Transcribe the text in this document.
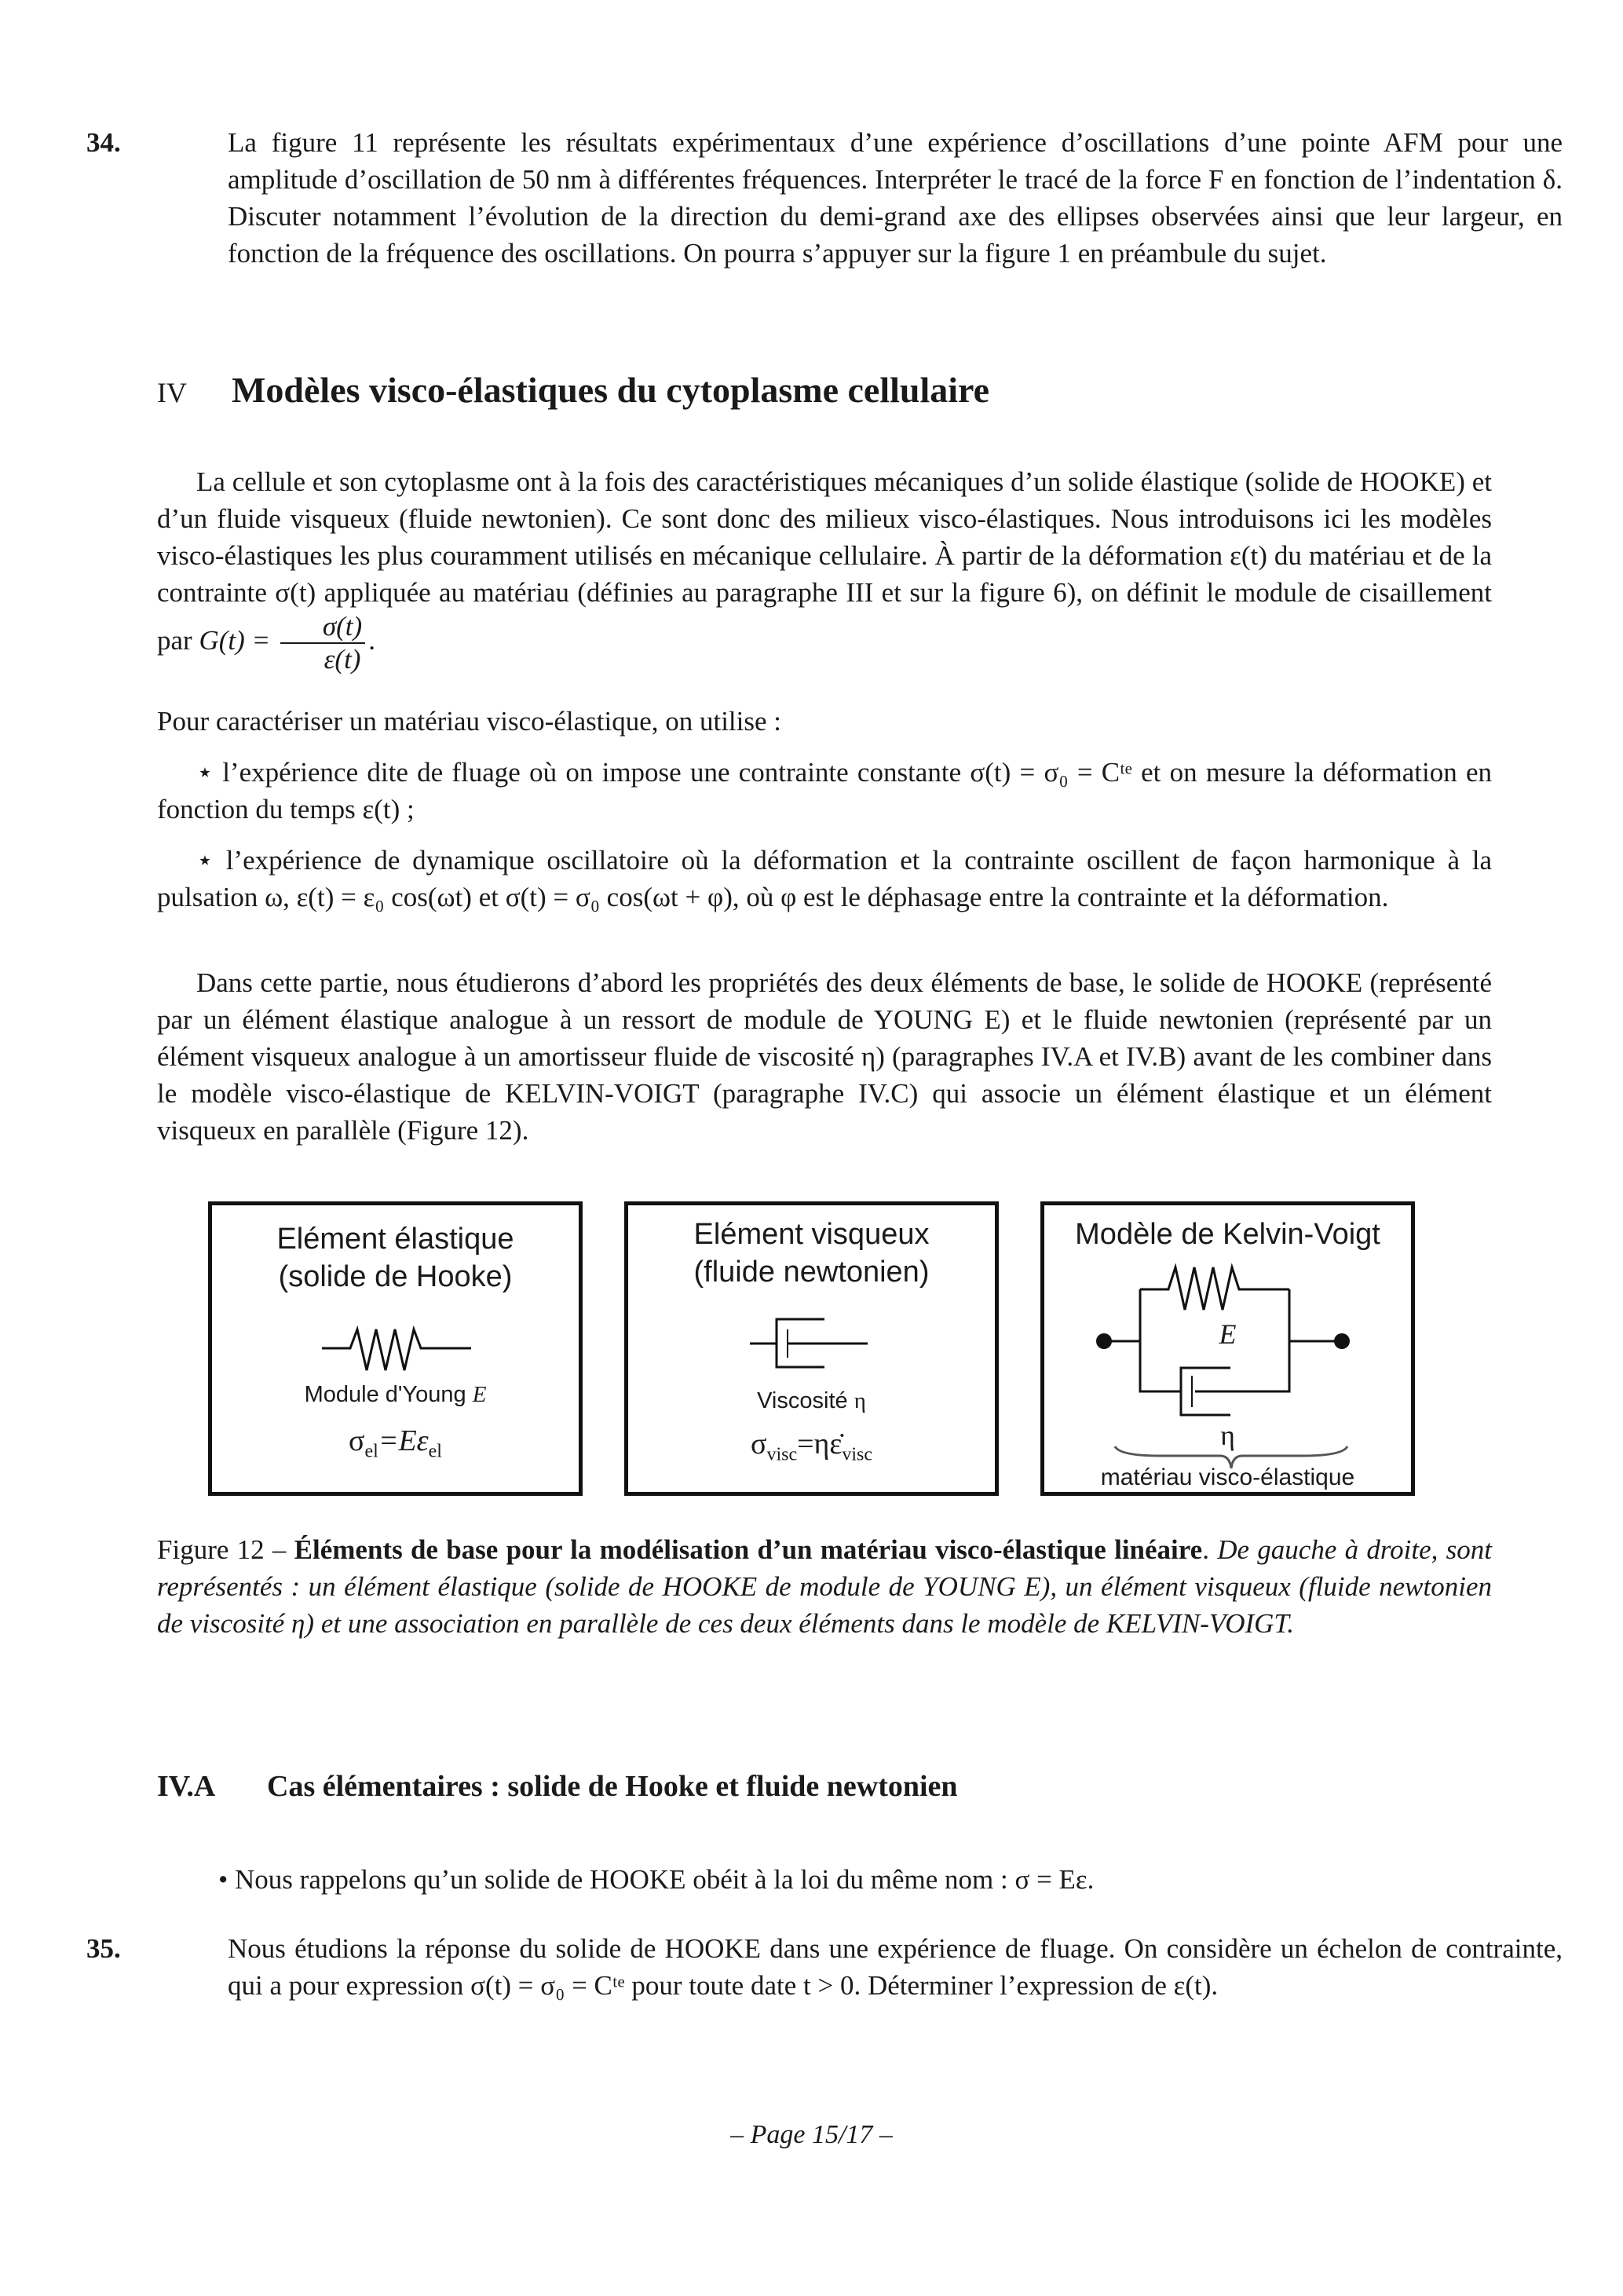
34.	La figure 11 représente les résultats expérimentaux d’une expérience d’oscillations d’une pointe AFM pour une amplitude d’oscillation de 50 nm à différentes fréquences. Interpréter le tracé de la force F en fonction de l’indentation δ. Discuter notamment l’évolution de la direction du demi-grand axe des ellipses observées ainsi que leur largeur, en fonction de la fréquence des oscillations. On pourra s’appuyer sur la figure 1 en préambule du sujet.
IV Modèles visco-élastiques du cytoplasme cellulaire
La cellule et son cytoplasme ont à la fois des caractéristiques mécaniques d’un solide élastique (solide de HOOKE) et d’un fluide visqueux (fluide newtonien). Ce sont donc des milieux visco-élastiques. Nous introduisons ici les modèles visco-élastiques les plus couramment utilisés en mécanique cellulaire. À partir de la déformation ε(t) du matériau et de la contrainte σ(t) appliquée au matériau (définies au paragraphe III et sur la figure 6), on définit le module de cisaillement par $G(t) = \frac{\sigma(t)}{\varepsilon(t)}$ .
Pour caractériser un matériau visco-élastique, on utilise :
⋆ l’expérience dite de fluage où on impose une contrainte constante σ(t) = σ₀ = Cᵗᵉ et on mesure la déformation en fonction du temps ε(t) ;
⋆ l’expérience de dynamique oscillatoire où la déformation et la contrainte oscillent de façon harmonique à la pulsation ω, ε(t) = ε₀ cos(ωt) et σ(t) = σ₀ cos(ωt + φ), où φ est le déphasage entre la contrainte et la déformation.
Dans cette partie, nous étudierons d’abord les propriétés des deux éléments de base, le solide de HOOKE (représenté par un élément élastique analogue à un ressort de module de YOUNG E) et le fluide newtonien (représenté par un élément visqueux analogue à un amortisseur fluide de viscosité η) (paragraphes IV.A et IV.B) avant de les combiner dans le modèle visco-élastique de KELVIN-VOIGT (paragraphe IV.C) qui associe un élément élastique et un élément visqueux en parallèle (Figure 12).
Elément élastique
(solide de Hooke)
Module d'Young E
$\sigma_{el}=E\varepsilon_{el}$
Elément visqueux
(fluide newtonien)
Viscosité η
$\sigma_{visc}=\eta\varepsiloṅ_{visc}$
Modèle de Kelvin-Voigt
E
η
matériau visco-élastique
Figure 12 – Éléments de base pour la modélisation d’un matériau visco-élastique linéaire. De gauche à droite, sont représentés : un élément élastique (solide de HOOKE de module de YOUNG E), un élément visqueux (fluide newtonien de viscosité η) et une association en parallèle de ces deux éléments dans le modèle de KELVIN-VOIGT.
IV.A Cas élémentaires : solide de Hooke et fluide newtonien
• Nous rappelons qu’un solide de HOOKE obéit à la loi du même nom : σ = Eε.
35.	Nous étudions la réponse du solide de HOOKE dans une expérience de fluage. On considère un échelon de contrainte, qui a pour expression σ(t) = σ₀ = Cᵗᵉ pour toute date t > 0. Déterminer l’expression de ε(t).
– Page 15/17 –
